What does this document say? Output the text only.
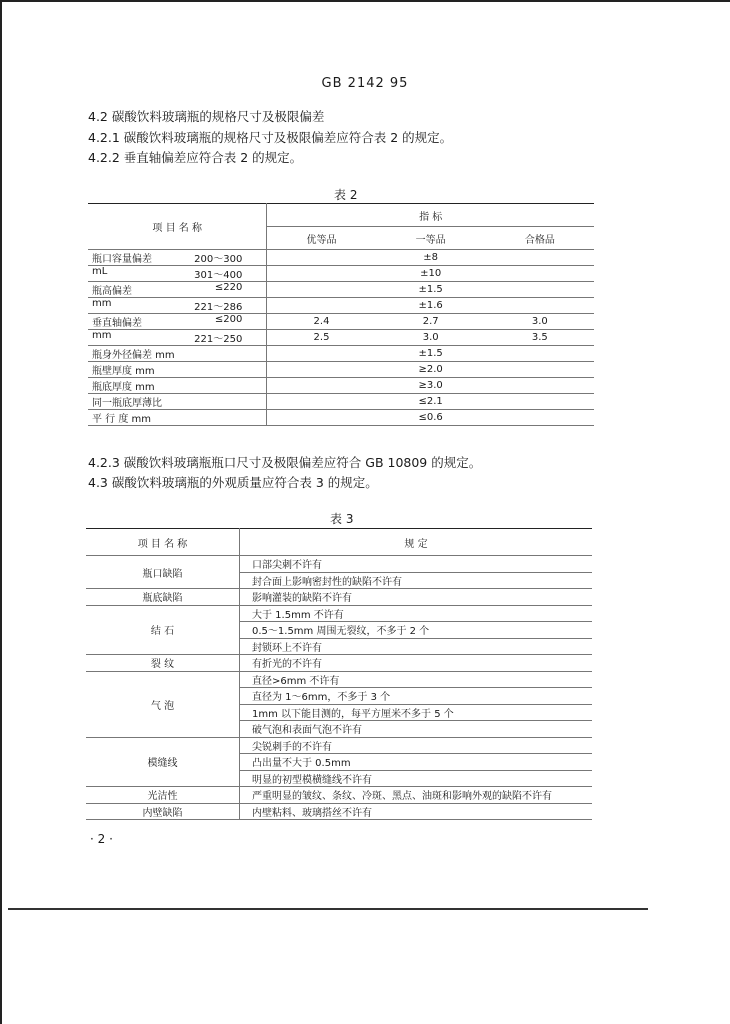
GB 2142 95
4.2 碳酸饮料玻璃瓶的规格尺寸及极限偏差
4.2.1 碳酸饮料玻璃瓶的规格尺寸及极限偏差应符合表 2 的规定。
4.2.2 垂直轴偏差应符合表 2 的规定。
表 2
项 目 名 称	指 标		
	优等品	一等品	合格品
瓶口容量偏差 200～300		±8	
mL 301～400		±10	
瓶高偏差 ≤220		±1.5	
mm 221～286		±1.6	
垂直轴偏差 ≤200	2.4	2.7	3.0
mm 221～250	2.5	3.0	3.5
瓶身外径偏差 mm		±1.5	
瓶壁厚度 mm		≥2.0	
瓶底厚度 mm		≥3.0	
同一瓶底厚薄比		≤2.1	
平 行 度 mm		≤0.6	
4.2.3 碳酸饮料玻璃瓶瓶口尺寸及极限偏差应符合 GB 10809 的规定。
4.3 碳酸饮料玻璃瓶的外观质量应符合表 3 的规定。
表 3
项 目 名 称	规 定
瓶口缺陷	口部尖刺不许有
	封合面上影响密封性的缺陷不许有
瓶底缺陷	影响灌装的缺陷不许有
结 石	大于 1.5mm 不许有
	0.5～1.5mm 周围无裂纹，不多于 2 个
	封锁环上不许有
裂 纹	有折光的不许有
气 泡	直径>6mm 不许有
	直径为 1～6mm，不多于 3 个
	1mm 以下能目测的，每平方厘米不多于 5 个
	破气泡和表面气泡不许有
模缝线	尖锐刺手的不许有
	凸出量不大于 0.5mm
	明显的初型模横缝线不许有
光洁性	严重明显的皱纹、条纹、冷斑、黑点、油斑和影响外观的缺陷不许有
内壁缺陷	内壁粘料、玻璃搭丝不许有
· 2 ·
